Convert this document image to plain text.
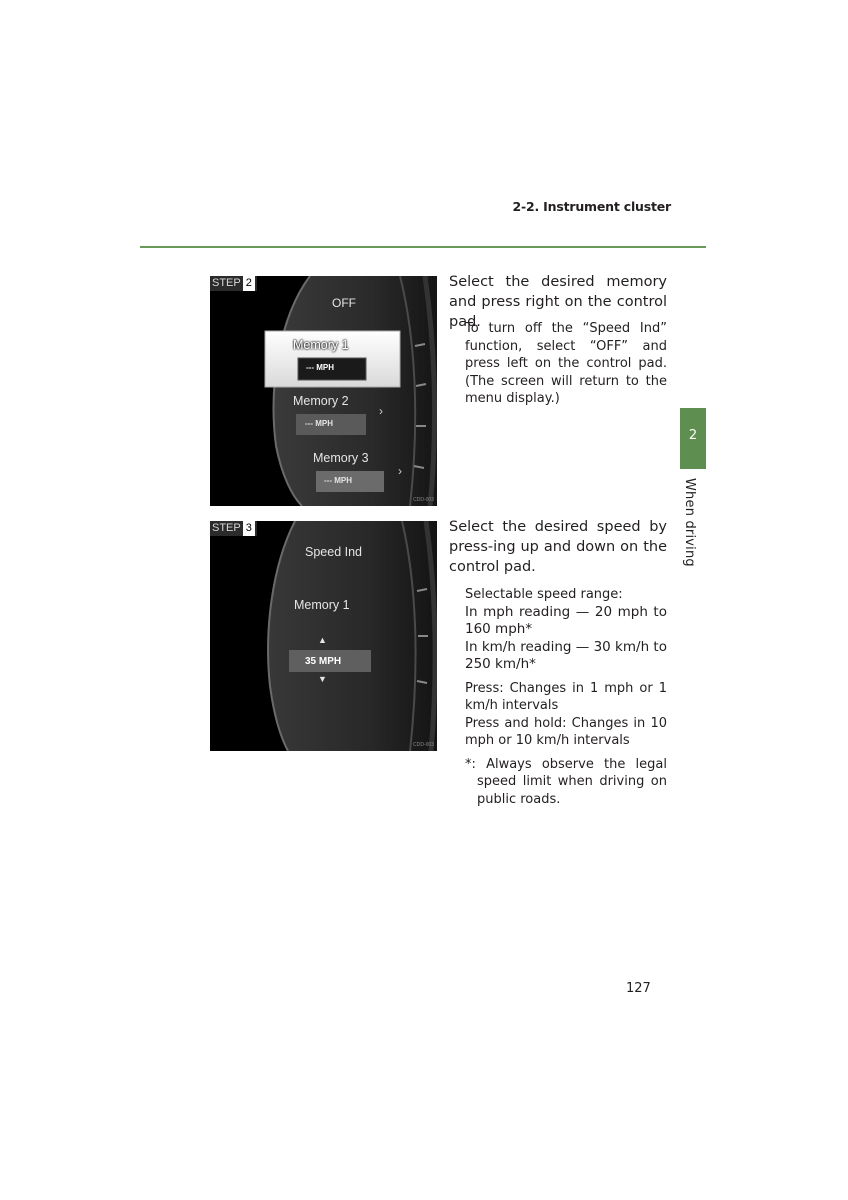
2-2. Instrument cluster
2
When driving
STEP 2
OFF
Memory 1
--- MPH
Memory 2
--- MPH
›
Memory 3
--- MPH
›
CDD-003
Select the desired memory and press right on the control pad.

To turn off the “Speed Ind” function, select “OFF” and press left on the control pad. (The screen will return to the menu display.)

STEP 3
Speed Ind
Memory 1
▲
35 MPH
▼
CDD-003
Select the desired speed by press-ing up and down on the control pad.

Selectable speed range:

In mph reading — 20 mph to 160 mph*

In km/h reading — 30 km/h to 250 km/h*

Press: Changes in 1 mph or 1 km/h intervals

Press and hold: Changes in 10 mph or 10 km/h intervals

*: Always observe the legal speed limit when driving on public roads.

127
